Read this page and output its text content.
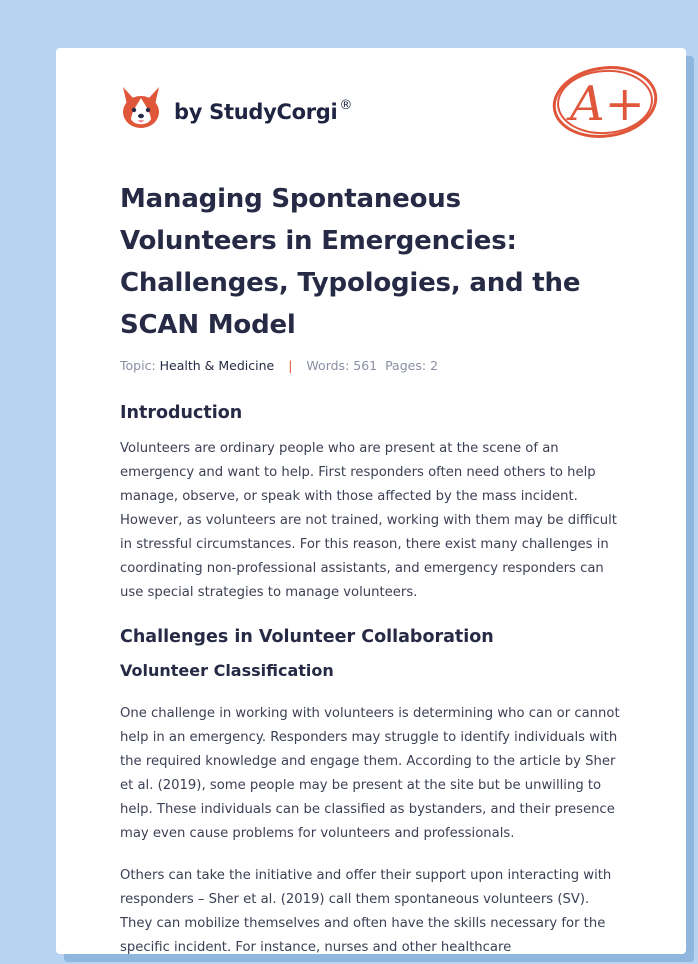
by StudyCorgi ®	A+
Managing Spontaneous Volunteers in Emergencies: Challenges, Typologies, and the SCAN Model
Topic: Health & Medicine | Words: 561 Pages: 2
Introduction

Volunteers are ordinary people who are present at the scene of an emergency and want to help. First responders often need others to help manage, observe, or speak with those affected by the mass incident. However, as volunteers are not trained, working with them may be difficult in stressful circumstances. For this reason, there exist many challenges in coordinating non-professional assistants, and emergency responders can use special strategies to manage volunteers.

Challenges in Volunteer Collaboration
Volunteer Classification

One challenge in working with volunteers is determining who can or cannot help in an emergency. Responders may struggle to identify individuals with the required knowledge and engage them. According to the article by Sher et al. (2019), some people may be present at the site but be unwilling to help. These individuals can be classified as bystanders, and their presence may even cause problems for volunteers and professionals.

Others can take the initiative and offer their support upon interacting with responders – Sher et al. (2019) call them spontaneous volunteers (SV). They can mobilize themselves and often have the skills necessary for the specific incident. For instance, nurses and other healthcare
